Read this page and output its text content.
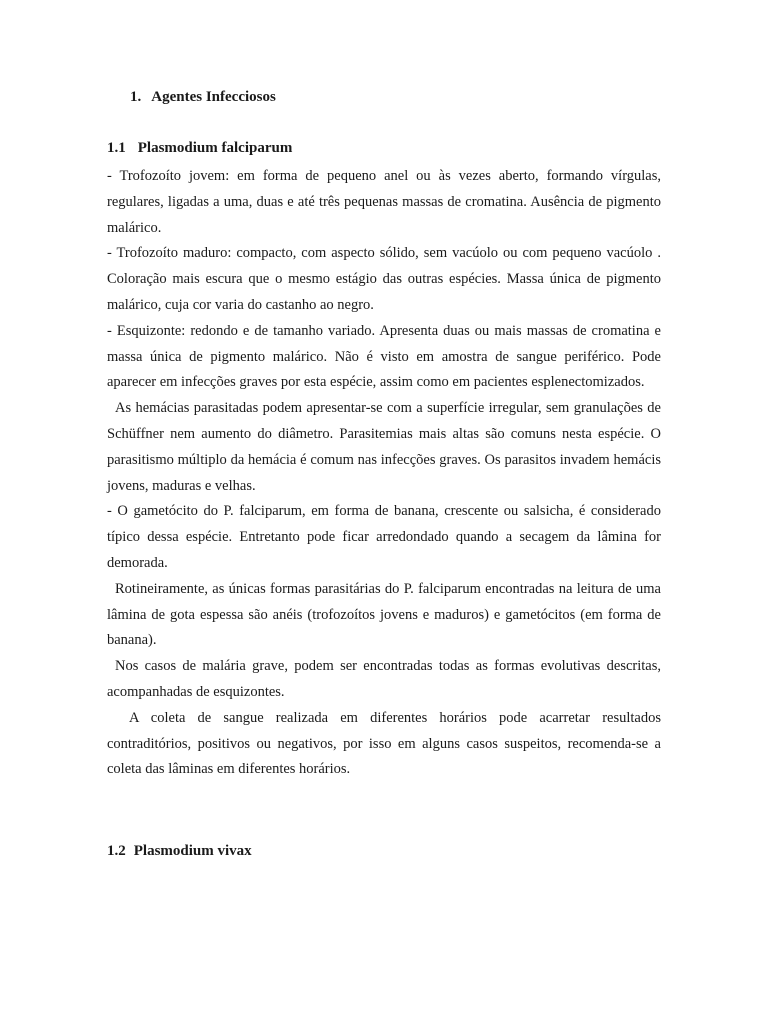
1. Agentes Infecciosos
1.1 Plasmodium falciparum

- Trofozoíto jovem: em forma de pequeno anel ou às vezes aberto, formando vírgulas, regulares, ligadas a uma, duas e até três pequenas massas de cromatina. Ausência de pigmento malárico.

- Trofozoíto maduro: compacto, com aspecto sólido, sem vacúolo ou com pequeno vacúolo . Coloração mais escura que o mesmo estágio das outras espécies. Massa única de pigmento malárico, cuja cor varia do castanho ao negro.

- Esquizonte: redondo e de tamanho variado. Apresenta duas ou mais massas de cromatina e massa única de pigmento malárico. Não é visto em amostra de sangue periférico. Pode aparecer em infecções graves por esta espécie, assim como em pacientes esplenectomizados.

As hemácias parasitadas podem apresentar-se com a superfície irregular, sem granulações de Schüffner nem aumento do diâmetro. Parasitemias mais altas são comuns nesta espécie. O parasitismo múltiplo da hemácia é comum nas infecções graves. Os parasitos invadem hemácis jovens, maduras e velhas.

- O gametócito do P. falciparum, em forma de banana, crescente ou salsicha, é considerado típico dessa espécie. Entretanto pode ficar arredondado quando a secagem da lâmina for demorada.

Rotineiramente, as únicas formas parasitárias do P. falciparum encontradas na leitura de uma lâmina de gota espessa são anéis (trofozoítos jovens e maduros) e gametócitos (em forma de banana).

Nos casos de malária grave, podem ser encontradas todas as formas evolutivas descritas, acompanhadas de esquizontes.

A coleta de sangue realizada em diferentes horários pode acarretar resultados contraditórios, positivos ou negativos, por isso em alguns casos suspeitos, recomenda-se a coleta das lâminas em diferentes horários.

1.2 Plasmodium vivax
